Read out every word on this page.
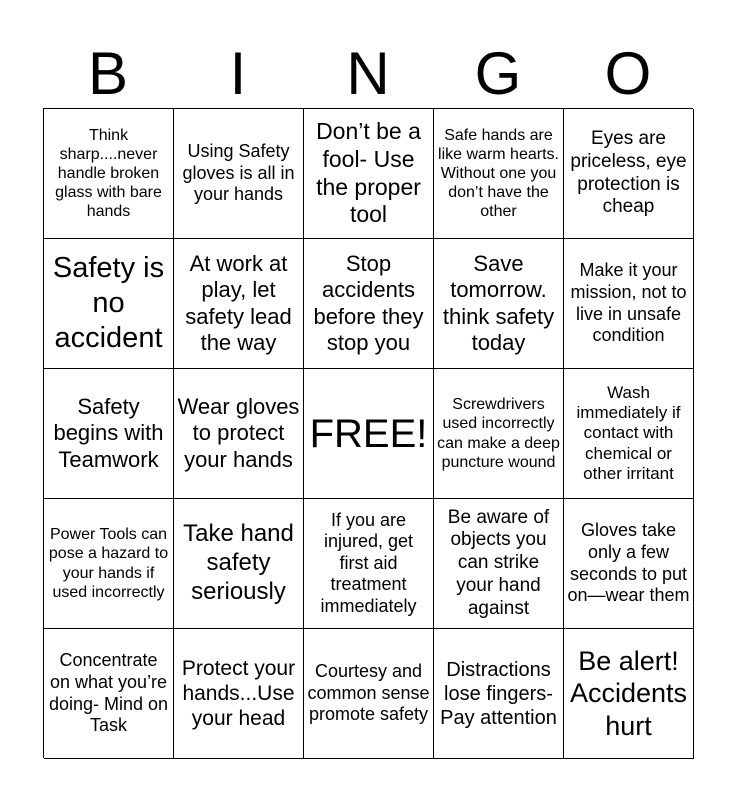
B	I	N	G	O
Think sharp....never handle broken glass with bare hands
Using Safety gloves is all in your hands
Don’t be a fool- Use the proper tool
Safe hands are like warm hearts. Without one you don’t have the other
Eyes are priceless, eye protection is cheap
Safety is no accident
At work at play, let safety lead the way
Stop accidents before they stop you
Save tomorrow. think safety today
Make it your mission, not to live in unsafe condition
Safety begins with Teamwork
Wear gloves to protect your hands
FREE!
Screwdrivers used incorrectly can make a deep puncture wound
Wash immediately if contact with chemical or other irritant
Power Tools can pose a hazard to your hands if used incorrectly
Take hand safety seriously
If you are injured, get first aid treatment immediately
Be aware of objects you can strike your hand against
Gloves take only a few seconds to put on—wear them
Concentrate on what you’re doing- Mind on Task
Protect your hands...Use your head
Courtesy and common sense promote safety
Distractions lose fingers-Pay attention
Be alert! Accidents hurt
